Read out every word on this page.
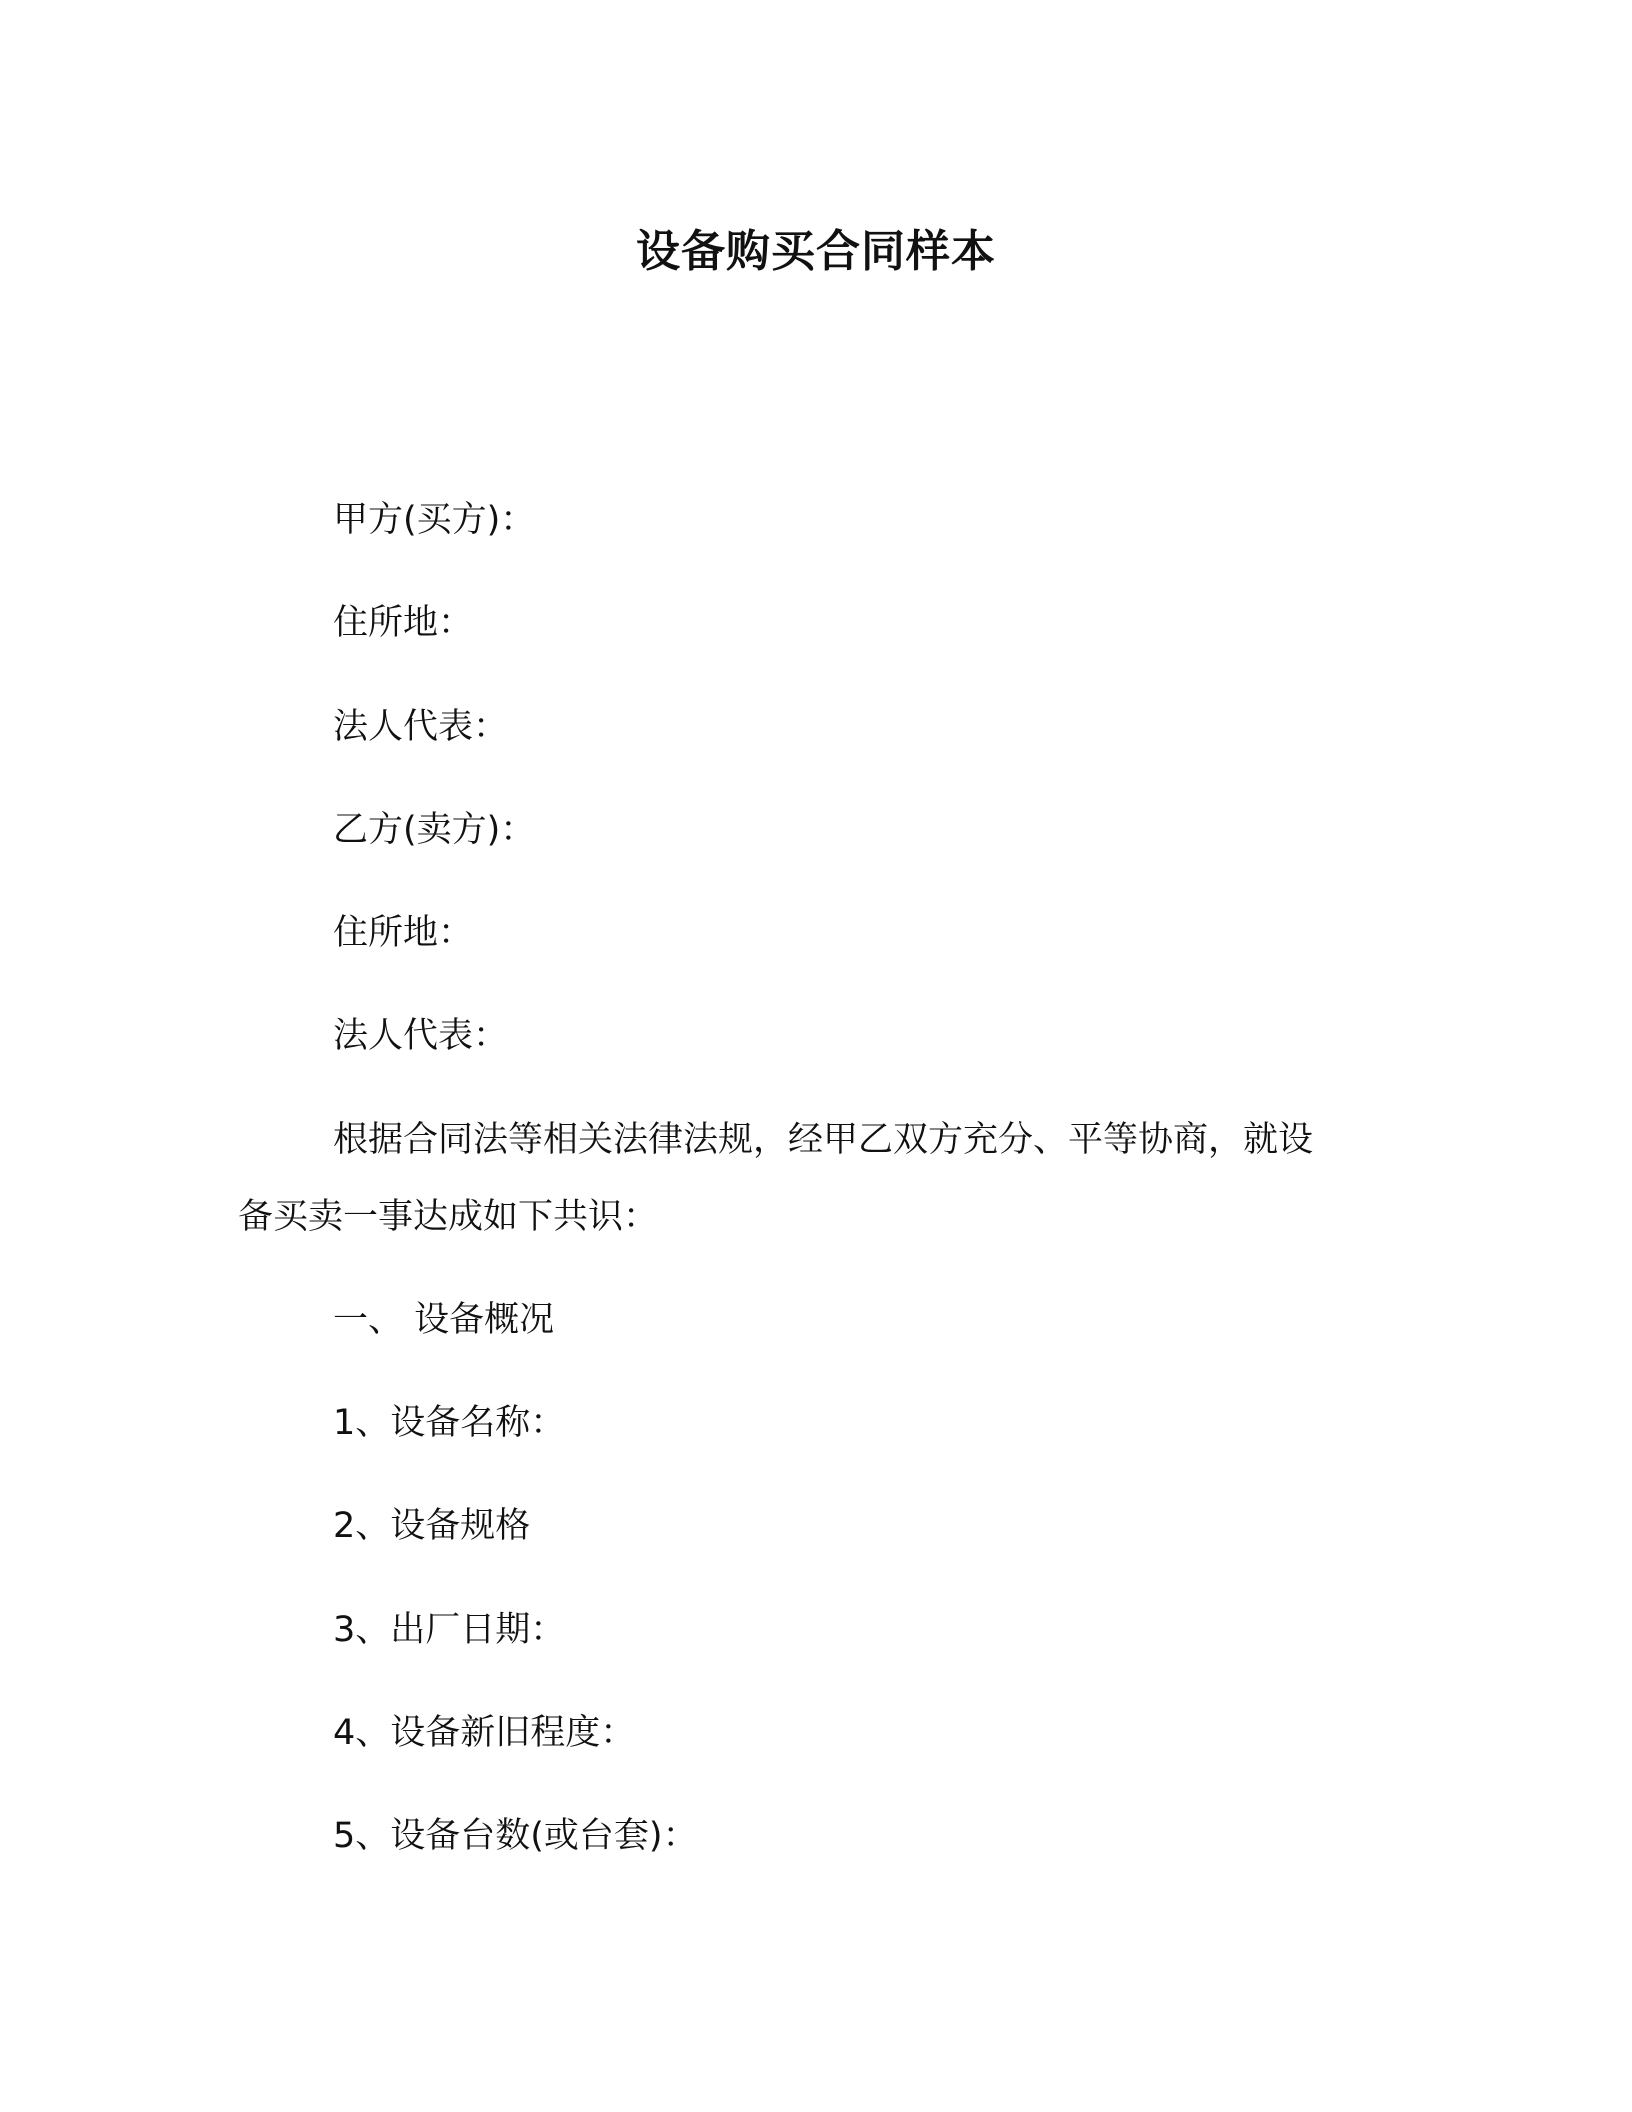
设备购买合同样本

甲方(买方)：

住所地：

法人代表：

乙方(卖方)：

住所地：

法人代表：

根据合同法等相关法律法规，经甲乙双方充分、平等协商，就设

备买卖一事达成如下共识：

一、 设备概况

1、设备名称：

2、设备规格

3、出厂日期：

4、设备新旧程度：

5、设备台数(或台套)：
